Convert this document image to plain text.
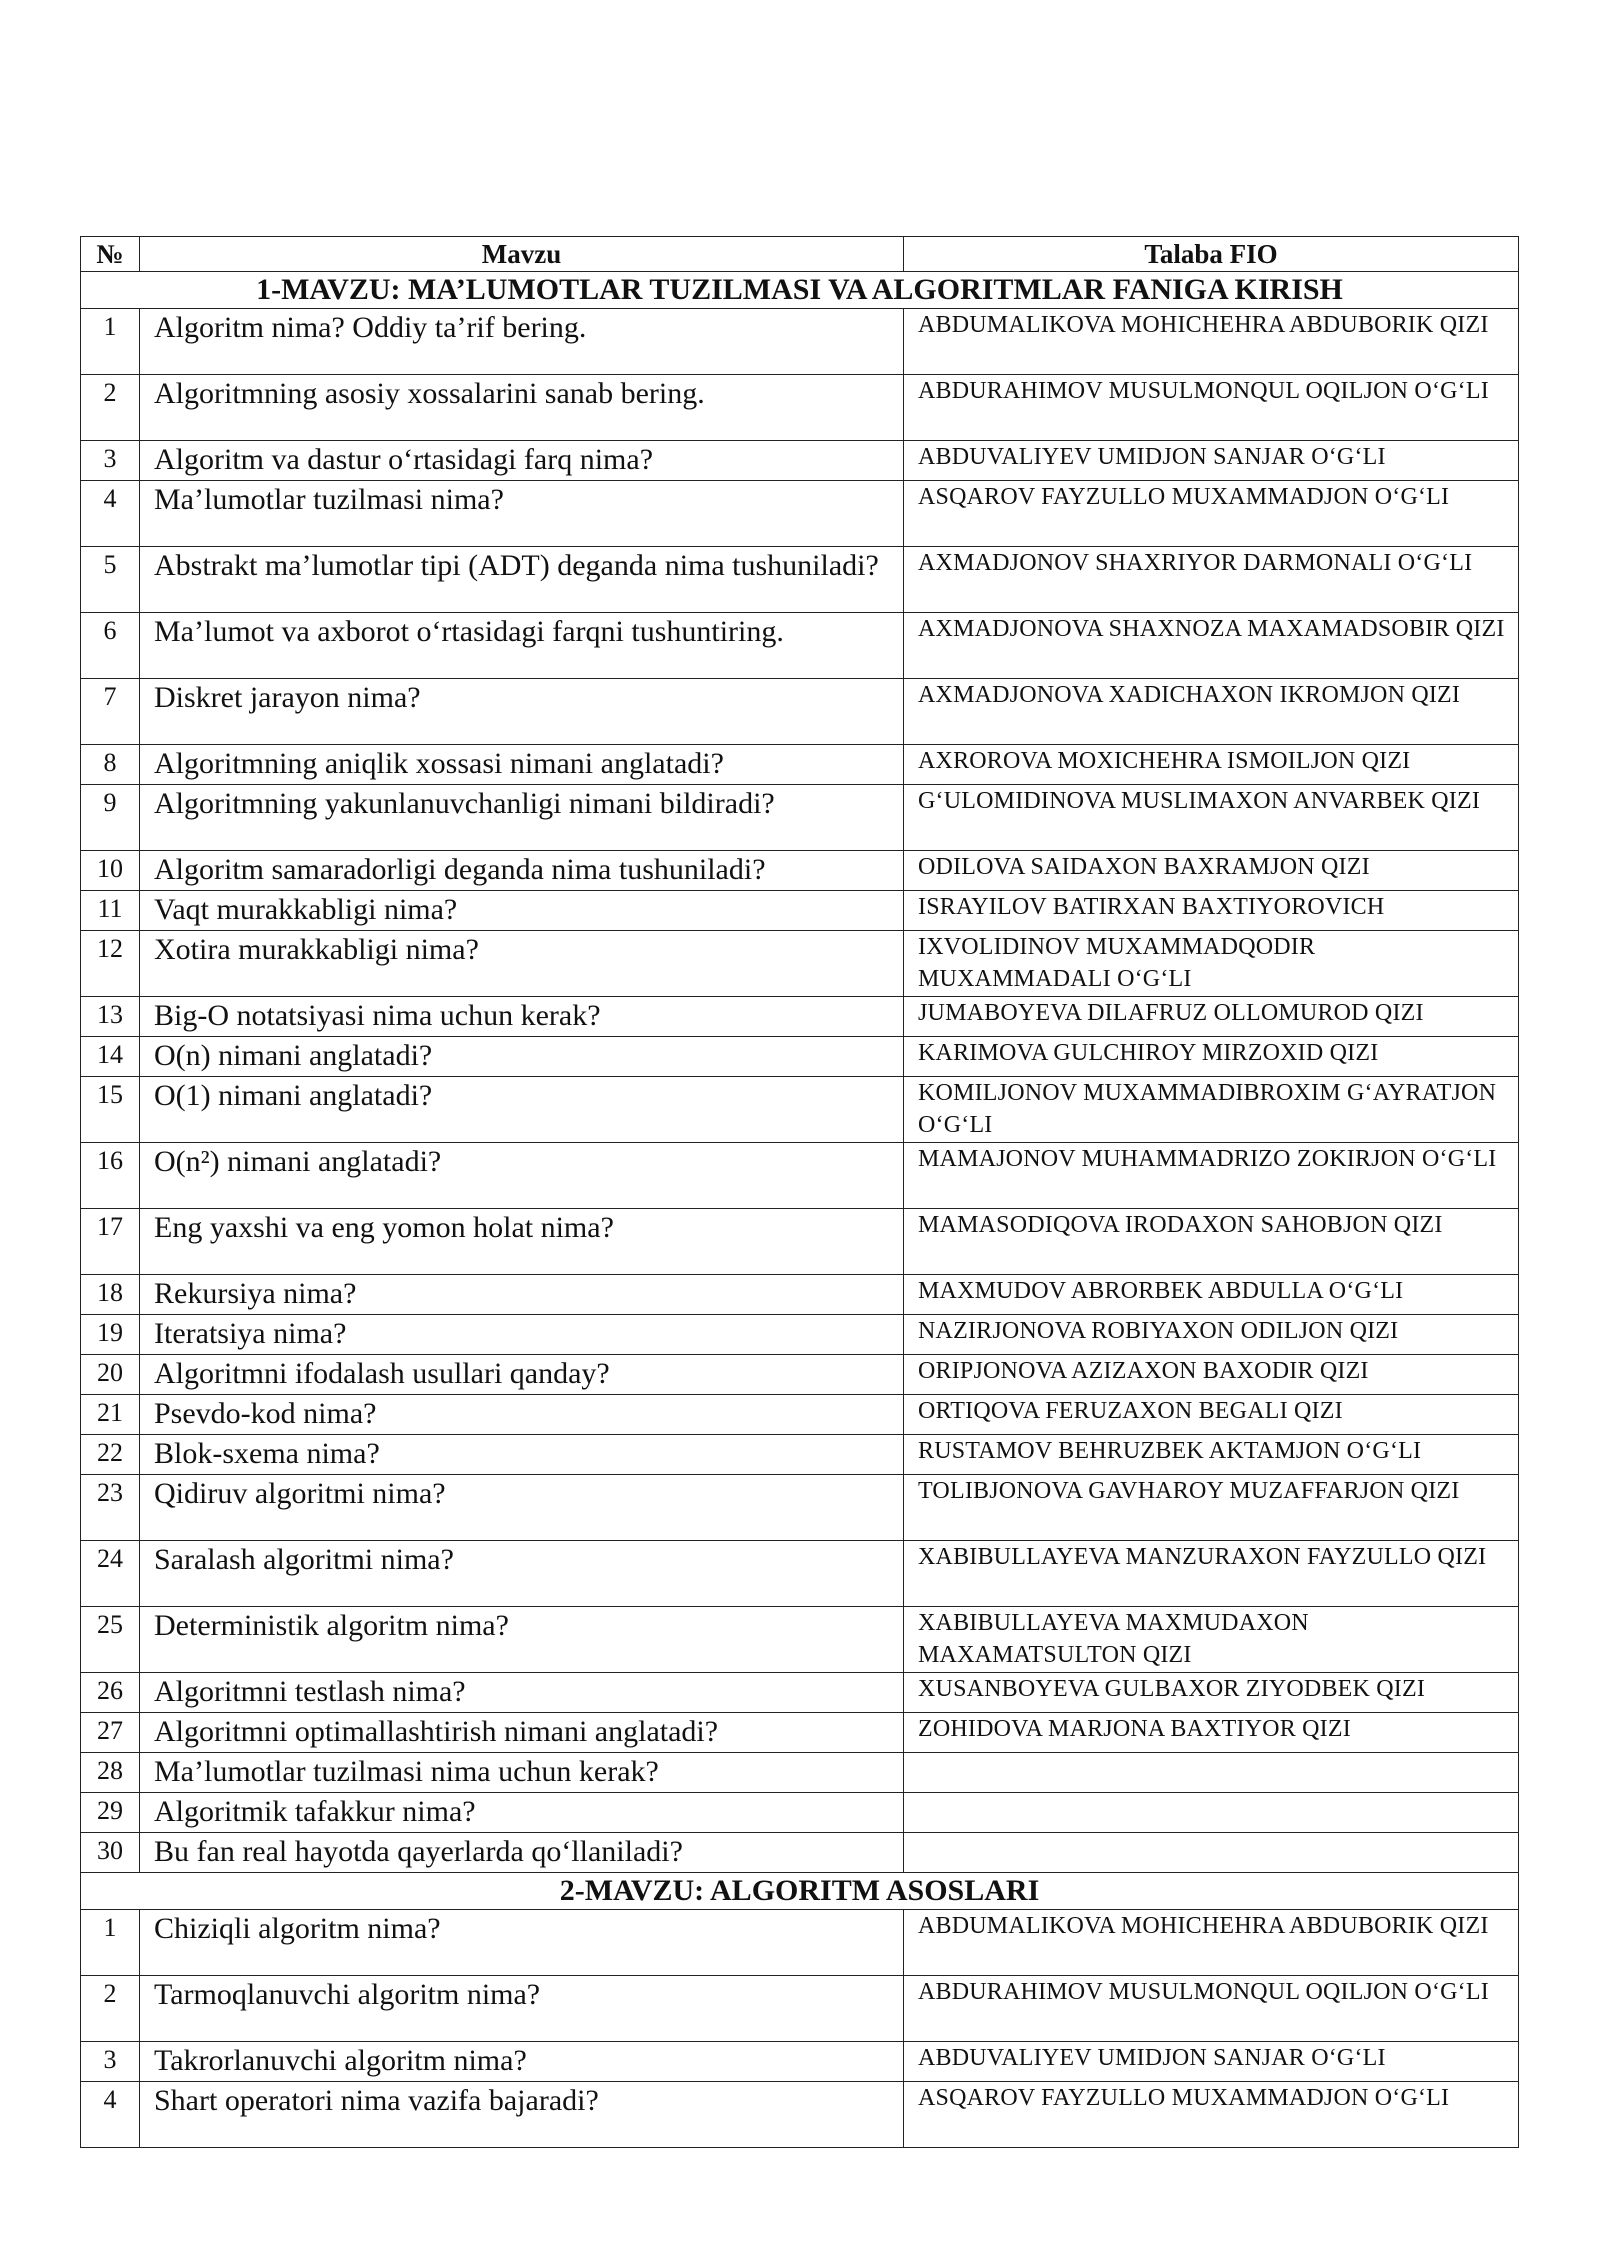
№	Mavzu	Talaba FIO
1-MAVZU: MA’LUMOTLAR TUZILMASI VA ALGORITMLAR FANIGA KIRISH		
1	Algoritm nima? Oddiy ta’rif bering.	ABDUMALIKOVA MOHICHEHRA ABDUBORIK QIZI
2	Algoritmning asosiy xossalarini sanab bering.	ABDURAHIMOV MUSULMONQUL OQILJON O‘G‘LI
3	Algoritm va dastur o‘rtasidagi farq nima?	ABDUVALIYEV UMIDJON SANJAR O‘G‘LI
4	Ma’lumotlar tuzilmasi nima?	ASQAROV FAYZULLO MUXAMMADJON O‘G‘LI
5	Abstrakt ma’lumotlar tipi (ADT) deganda nima tushuniladi?	AXMADJONOV SHAXRIYOR DARMONALI O‘G‘LI
6	Ma’lumot va axborot o‘rtasidagi farqni tushuntiring.	AXMADJONOVA SHAXNOZA MAXAMADSOBIR QIZI
7	Diskret jarayon nima?	AXMADJONOVA XADICHAXON IKROMJON QIZI
8	Algoritmning aniqlik xossasi nimani anglatadi?	AXROROVA MOXICHEHRA ISMOILJON QIZI
9	Algoritmning yakunlanuvchanligi nimani bildiradi?	G‘ULOMIDINOVA MUSLIMAXON ANVARBEK QIZI
10	Algoritm samaradorligi deganda nima tushuniladi?	ODILOVA SAIDAXON BAXRAMJON QIZI
11	Vaqt murakkabligi nima?	ISRAYILOV BATIRXAN BAXTIYOROVICH
12	Xotira murakkabligi nima?	IXVOLIDINOV MUXAMMADQODIR MUXAMMADALI O‘G‘LI
13	Big-O notatsiyasi nima uchun kerak?	JUMABOYEVA DILAFRUZ OLLOMUROD QIZI
14	O(n) nimani anglatadi?	KARIMOVA GULCHIROY MIRZOXID QIZI
15	O(1) nimani anglatadi?	KOMILJONOV MUXAMMADIBROXIM G‘AYRATJON O‘G‘LI
16	O(n²) nimani anglatadi?	MAMAJONOV MUHAMMADRIZO ZOKIRJON O‘G‘LI
17	Eng yaxshi va eng yomon holat nima?	MAMASODIQOVA IRODAXON SAHOBJON QIZI
18	Rekursiya nima?	MAXMUDOV ABRORBEK ABDULLA O‘G‘LI
19	Iteratsiya nima?	NAZIRJONOVA ROBIYAXON ODILJON QIZI
20	Algoritmni ifodalash usullari qanday?	ORIPJONOVA AZIZAXON BAXODIR QIZI
21	Psevdo-kod nima?	ORTIQOVA FERUZAXON BEGALI QIZI
22	Blok-sxema nima?	RUSTAMOV BEHRUZBEK AKTAMJON O‘G‘LI
23	Qidiruv algoritmi nima?	TOLIBJONOVA GAVHAROY MUZAFFARJON QIZI
24	Saralash algoritmi nima?	XABIBULLAYEVA MANZURAXON FAYZULLO QIZI
25	Deterministik algoritm nima?	XABIBULLAYEVA MAXMUDAXON MAXAMATSULTON QIZI
26	Algoritmni testlash nima?	XUSANBOYEVA GULBAXOR ZIYODBEK QIZI
27	Algoritmni optimallashtirish nimani anglatadi?	ZOHIDOVA MARJONA BAXTIYOR QIZI
28	Ma’lumotlar tuzilmasi nima uchun kerak?	
29	Algoritmik tafakkur nima?	
30	Bu fan real hayotda qayerlarda qo‘llaniladi?	
2-MAVZU: ALGORITM ASOSLARI		
1	Chiziqli algoritm nima?	ABDUMALIKOVA MOHICHEHRA ABDUBORIK QIZI
2	Tarmoqlanuvchi algoritm nima?	ABDURAHIMOV MUSULMONQUL OQILJON O‘G‘LI
3	Takrorlanuvchi algoritm nima?	ABDUVALIYEV UMIDJON SANJAR O‘G‘LI
4	Shart operatori nima vazifa bajaradi?	ASQAROV FAYZULLO MUXAMMADJON O‘G‘LI
